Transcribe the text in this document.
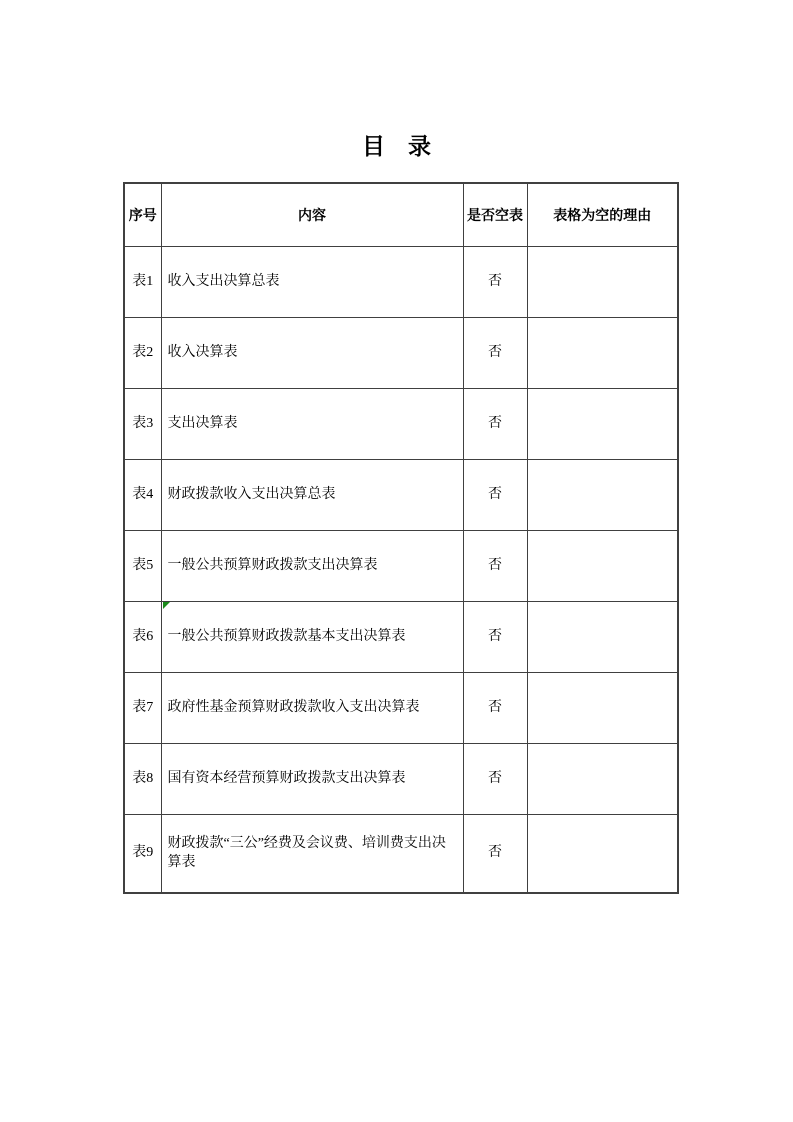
目　录
序号	内容	是否空表	表格为空的理由
表1	收入支出决算总表	否	
表2	收入决算表	否	
表3	支出决算表	否	
表4	财政拨款收入支出决算总表	否	
表5	一般公共预算财政拨款支出决算表	否	
表6	一般公共预算财政拨款基本支出决算表	否	
表7	政府性基金预算财政拨款收入支出决算表	否	
表8	国有资本经营预算财政拨款支出决算表	否	
表9	财政拨款“三公”经费及会议费、培训费支出决算表	否	
